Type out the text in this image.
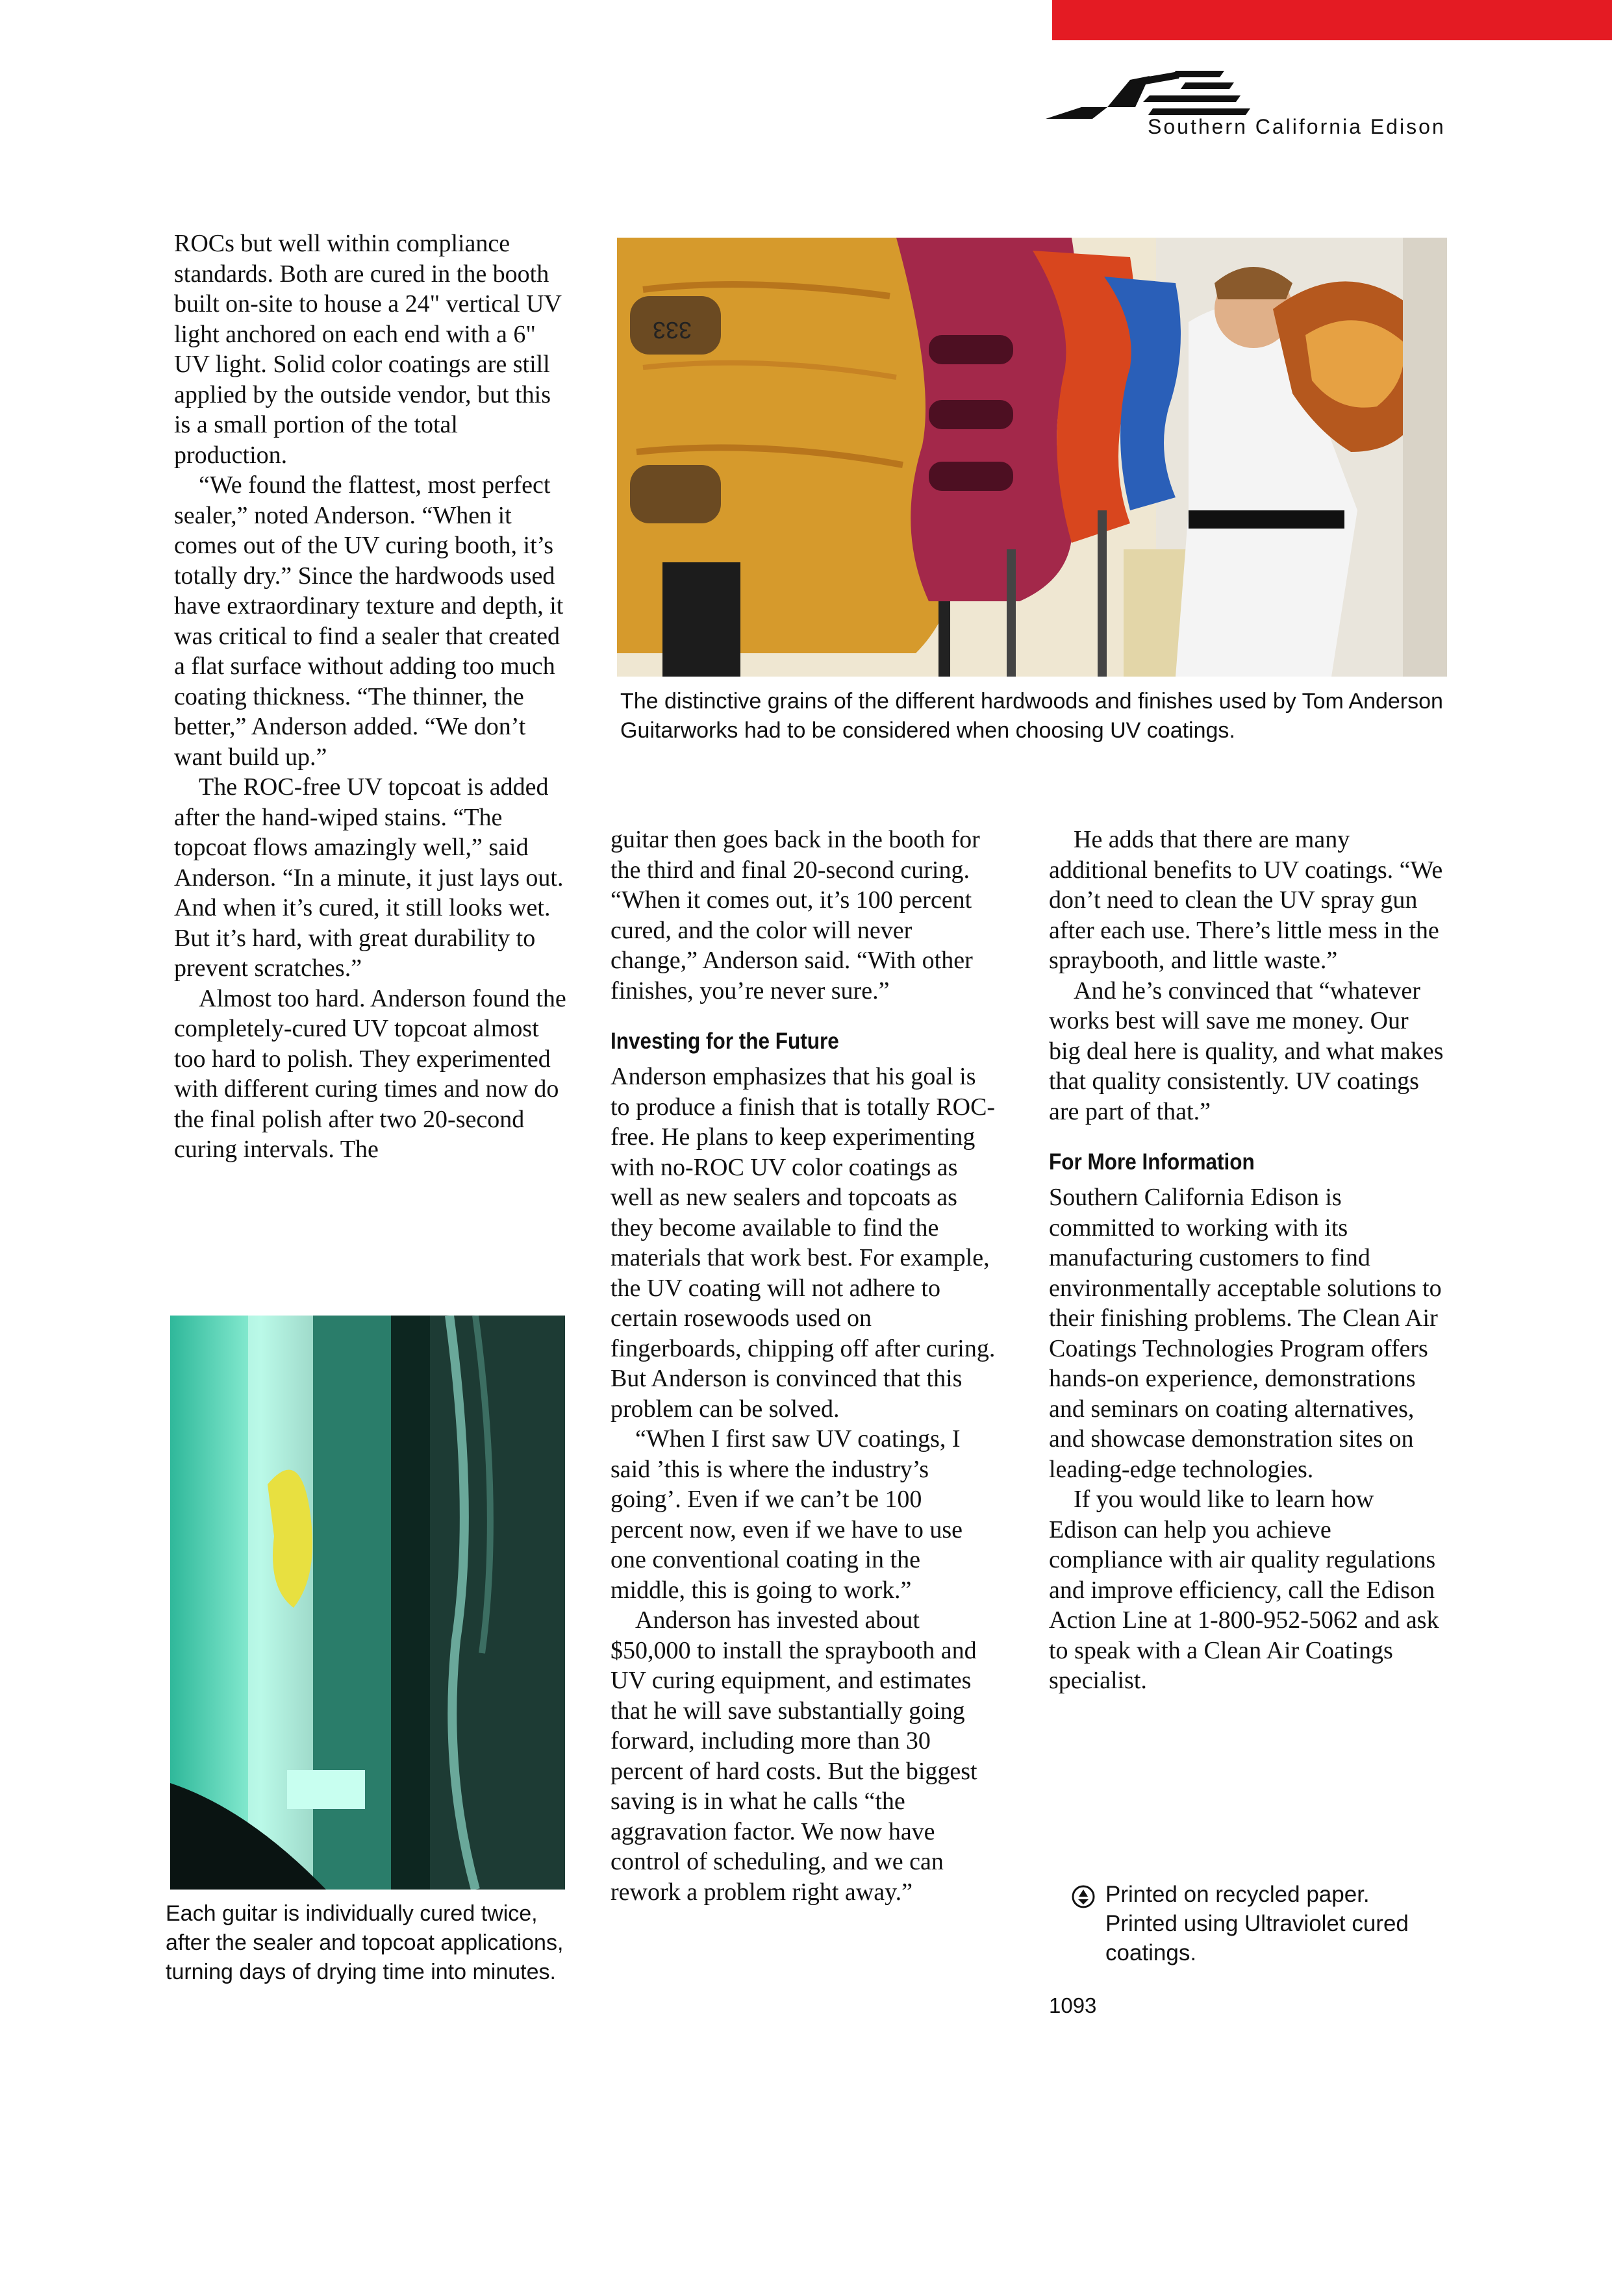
Southern California Edison

ROCs but well within compliance standards. Both are cured in the booth built on-site to house a 24" vertical UV light anchored on each end with a 6" UV light. Solid color coatings are still applied by the outside vendor, but this is a small portion of the total production.

“We found the flattest, most perfect sealer,” noted Anderson. “When it comes out of the UV curing booth, it’s totally dry.” Since the hardwoods used have extraordinary texture and depth, it was critical to find a sealer that created a flat surface without adding too much coating thickness. “The thinner, the better,” Anderson added. “We don’t want build up.”

The ROC-free UV topcoat is added after the hand-wiped stains. “The topcoat flows amazingly well,” said Anderson. “In a minute, it just lays out. And when it’s cured, it still looks wet. But it’s hard, with great durability to prevent scratches.”

Almost too hard. Anderson found the completely-cured UV topcoat almost too hard to polish. They experimented with different curing times and now do the final polish after two 20-second curing intervals. The

333
The distinctive grains of the different hardwoods and finishes used by Tom Anderson Guitarworks had to be considered when choosing UV coatings.

guitar then goes back in the booth for the third and final 20-second curing. “When it comes out, it’s 100 percent cured, and the color will never change,” Anderson said. “With other finishes, you’re never sure.”

Investing for the Future

Anderson emphasizes that his goal is to produce a finish that is totally ROC-free. He plans to keep experimenting with no-ROC UV color coatings as well as new sealers and topcoats as they become available to find the materials that work best. For example, the UV coating will not adhere to certain rosewoods used on fingerboards, chipping off after curing. But Anderson is convinced that this problem can be solved.

“When I first saw UV coatings, I said ’this is where the industry’s going’. Even if we can’t be 100 percent now, even if we have to use one conventional coating in the middle, this is going to work.”

Anderson has invested about $50,000 to install the spraybooth and UV curing equipment, and estimates that he will save substantially going forward, including more than 30 percent of hard costs. But the biggest saving is in what he calls “the aggravation factor. We now have control of scheduling, and we can rework a problem right away.”

He adds that there are many additional benefits to UV coatings. “We don’t need to clean the UV spray gun after each use. There’s little mess in the spraybooth, and little waste.”

And he’s convinced that “whatever works best will save me money. Our big deal here is quality, and what makes that quality consistently. UV coatings are part of that.”

For More Information

Southern California Edison is committed to working with its manufacturing customers to find environmentally acceptable solutions to their finishing problems. The Clean Air Coatings Technologies Program offers hands-on experience, demonstrations and seminars on coating alternatives, and showcase demonstration sites on leading-edge technologies.

If you would like to learn how Edison can help you achieve compliance with air quality regulations and improve efficiency, call the Edison Action Line at 1-800-952-5062 and ask to speak with a Clean Air Coatings specialist.

Each guitar is individually cured twice, after the sealer and topcoat applications, turning days of drying time into minutes.
Printed on recycled paper.
Printed using Ultraviolet cured coatings.
1093
